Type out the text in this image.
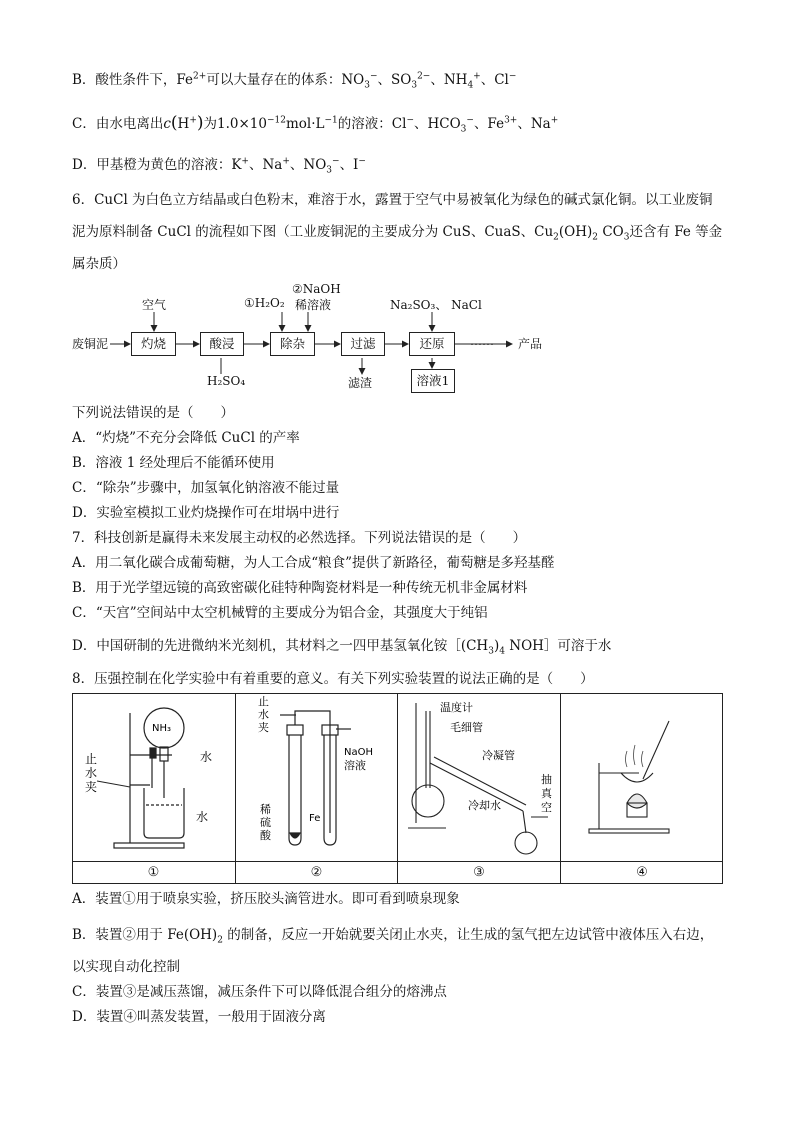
B．酸性条件下，$Fe^{2+}$可以大量存在的体系：$NO_3^-$、$SO_3^{2-}$、$NH_4^+$、Cl−
C．由水电离出c(H+)为$1.0\times 10^{-12}mol\cdot L^{-1}$的溶液：Cl−、$HCO_3^-$、$Fe^{3+}$、Na+
D．甲基橙为黄色的溶液：K+、Na+、$NO_3^-$、I−
6．CuCl 为白色立方结晶或白色粉末，难溶于水，露置于空气中易被氧化为绿色的碱式氯化铜。以工业废铜
泥为原料制备 CuCl 的流程如下图（工业废铜泥的主要成分为 CuS、CuaS、$Cu_2(OH)_2$ $CO_3$还含有 Fe 等金
属杂质）
废铜泥	灼烧	酸浸	除杂	过滤	还原
空气
H₂SO₄
①H₂O₂
②NaOH
稀溶液
滤渣
Na₂SO₃、 NaCl
溶液1
…… 产品
下列说法错误的是（　　）
A．“灼烧”不充分会降低 CuCl 的产率
B．溶液 1 经处理后不能循环使用
C．“除杂”步骤中，加氢氧化钠溶液不能过量
D．实验室模拟工业灼烧操作可在坩埚中进行
7．科技创新是赢得未来发展主动权的必然选择。下列说法错误的是（　　）
A．用二氧化碳合成葡萄糖，为人工合成“粮食”提供了新路径，葡萄糖是多羟基醛
B．用于光学望远镜的高致密碳化硅特种陶瓷材料是一种传统无机非金属材料
C．“天宫”空间站中太空机械臂的主要成分为铝合金，其强度大于纯铝
D．中国研制的先进微纳米光刻机，其材料之一四甲基氢氧化铵$[(CH_3)_4$ NOH］可溶于水
8．压强控制在化学实验中有着重要的意义。有关下列实验装置的说法正确的是（　　）
NH₃
水
水
止
水
夹
①
止
水
夹
稀
硫
酸
Fe
NaOH
溶液
②
温度计
毛细管
冷凝管
冷却水
抽
真
空
③	④
A．装置①用于喷泉实验，挤压胶头滴管进水。即可看到喷泉现象
B．装置②用于 $Fe(OH)_2$ 的制备，反应一开始就要关闭止水夹，让生成的氢气把左边试管中液体压入右边，
以实现自动化控制
C．装置③是减压蒸馏，减压条件下可以降低混合组分的熔沸点
D．装置④叫蒸发装置，一般用于固液分离
